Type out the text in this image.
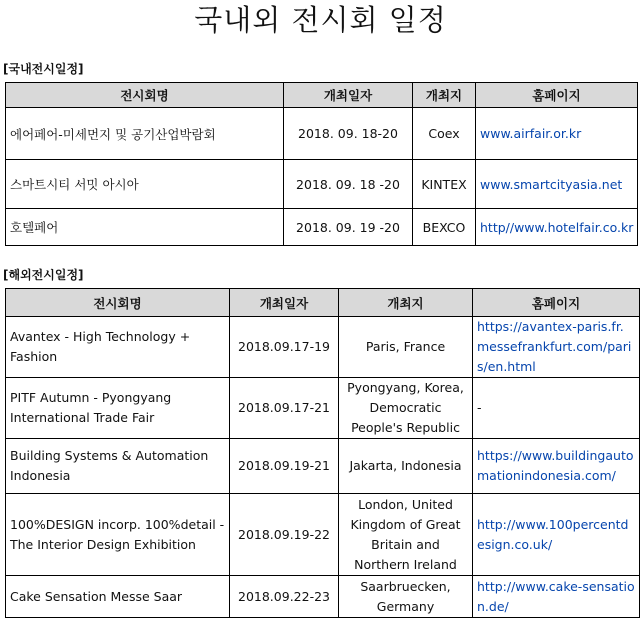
국내외 전시회 일정
[국내전시일정]
전시회명	개최일자	개최지	홈페이지
에어페어-미세먼지 및 공기산업박람회	2018. 09. 18-20	Coex	www.airfair.or.kr
스마트시티 서밋 아시아	2018. 09. 18 -20	KINTEX	www.smartcityasia.net
호텔페어	2018. 09. 19 -20	BEXCO	http//www.hotelfair.co.kr
[해외전시일정]
전시회명	개최일자	개최지	홈페이지
Avantex - High Technology + Fashion	2018.09.17-19	Paris, France	https://avantex-paris.fr.messefrankfurt.com/paris/en.html
PITF Autumn - Pyongyang International Trade Fair	2018.09.17-21	Pyongyang, Korea, Democratic People's Republic	-
Building Systems & Automation Indonesia	2018.09.19-21	Jakarta, Indonesia	https://www.buildingautomationindonesia.com/
100%DESIGN incorp. 100%detail - The Interior Design Exhibition	2018.09.19-22	London, United Kingdom of Great Britain and Northern Ireland	http://www.100percentdesign.co.uk/
Cake Sensation Messe Saar	2018.09.22-23	Saarbruecken, Germany	http://www.cake-sensation.de/
